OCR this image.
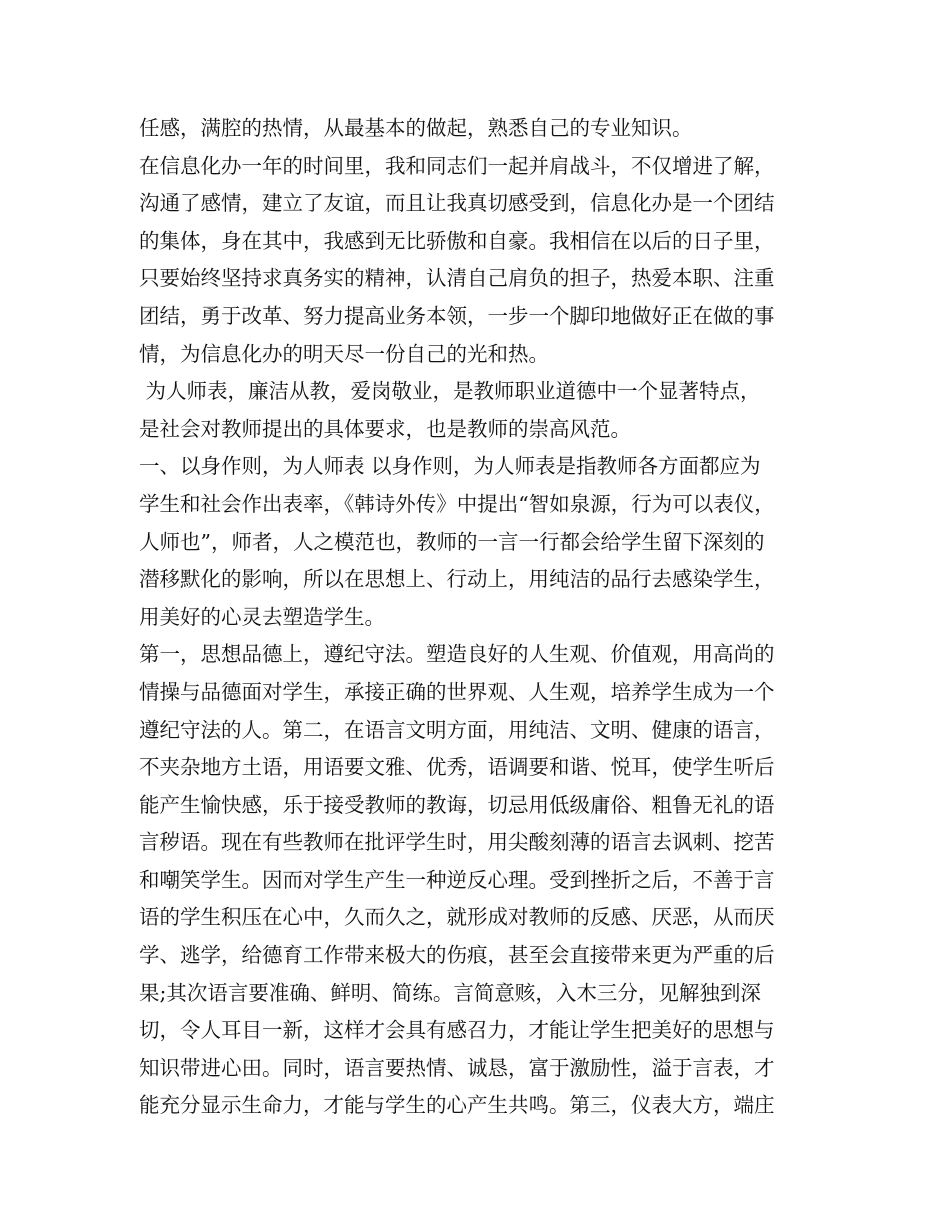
任感，满腔的热情，从最基本的做起，熟悉自己的专业知识。
在信息化办一年的时间里，我和同志们一起并肩战斗，不仅增进了解，
沟通了感情，建立了友谊，而且让我真切感受到，信息化办是一个团结
的集体，身在其中，我感到无比骄傲和自豪。我相信在以后的日子里，
只要始终坚持求真务实的精神，认清自己肩负的担子，热爱本职、注重
团结，勇于改革、努力提高业务本领，一步一个脚印地做好正在做的事
情，为信息化办的明天尽一份自己的光和热。
为人师表，廉洁从教，爱岗敬业，是教师职业道德中一个显著特点，
是社会对教师提出的具体要求，也是教师的崇高风范。
一、以身作则，为人师表 以身作则，为人师表是指教师各方面都应为
学生和社会作出表率，《韩诗外传》中提出“智如泉源，行为可以表仪，
人师也”，师者，人之模范也，教师的一言一行都会给学生留下深刻的
潜移默化的影响，所以在思想上、行动上，用纯洁的品行去感染学生，
用美好的心灵去塑造学生。
第一，思想品德上，遵纪守法。塑造良好的人生观、价值观，用高尚的
情操与品德面对学生，承接正确的世界观、人生观，培养学生成为一个
遵纪守法的人。第二，在语言文明方面，用纯洁、文明、健康的语言，
不夹杂地方土语，用语要文雅、优秀，语调要和谐、悦耳，使学生听后
能产生愉快感，乐于接受教师的教诲，切忌用低级庸俗、粗鲁无礼的语
言秽语。现在有些教师在批评学生时，用尖酸刻薄的语言去讽刺、挖苦
和嘲笑学生。因而对学生产生一种逆反心理。受到挫折之后，不善于言
语的学生积压在心中，久而久之，就形成对教师的反感、厌恶，从而厌
学、逃学，给德育工作带来极大的伤痕，甚至会直接带来更为严重的后
果;其次语言要准确、鲜明、简练。言简意赅，入木三分，见解独到深
切，令人耳目一新，这样才会具有感召力，才能让学生把美好的思想与
知识带进心田。同时，语言要热情、诚恳，富于激励性，溢于言表，才
能充分显示生命力，才能与学生的心产生共鸣。第三，仪表大方，端庄
